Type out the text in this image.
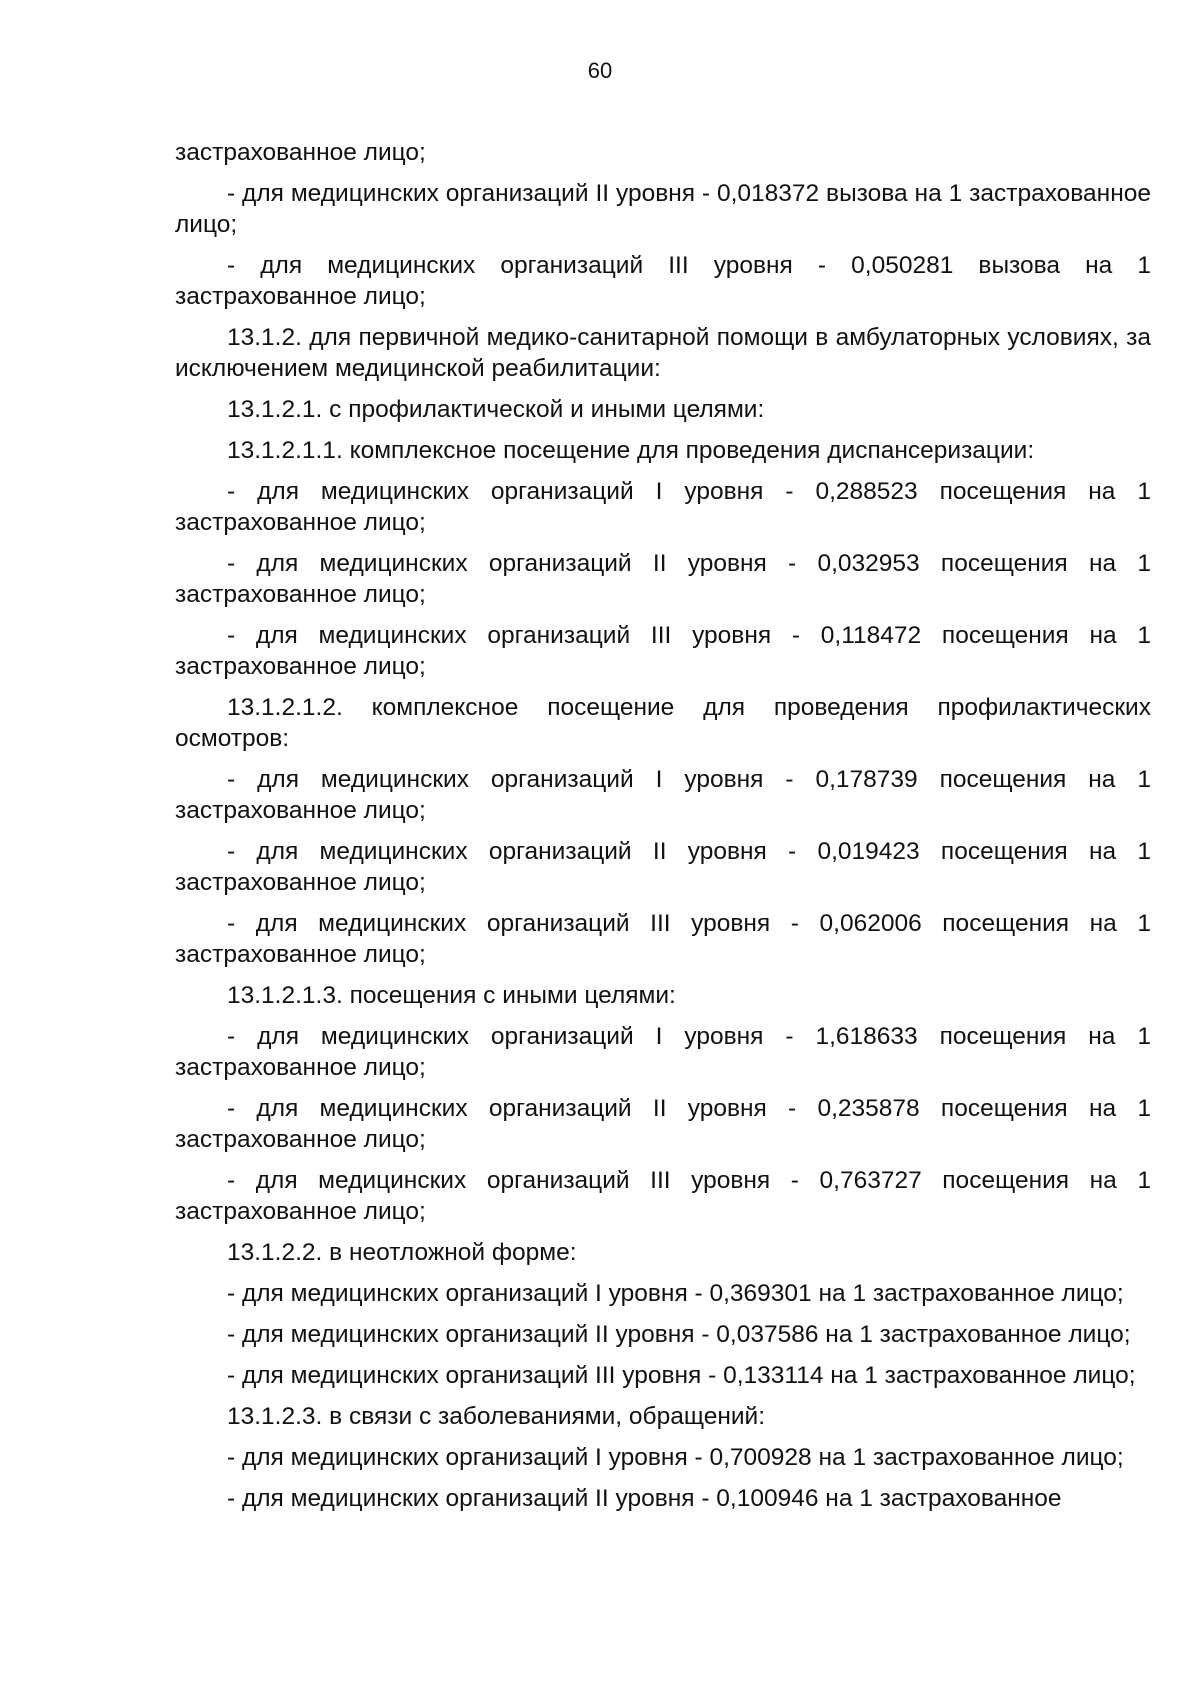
60

застрахованное лицо;

- для медицинских организаций II уровня - 0,018372 вызова на 1 застрахованное лицо;

- для медицинских организаций III уровня - 0,050281 вызова на 1 застрахованное лицо;

13.1.2. для первичной медико-санитарной помощи в амбулаторных условиях, за исключением медицинской реабилитации:

13.1.2.1. с профилактической и иными целями:

13.1.2.1.1. комплексное посещение для проведения диспансеризации:

- для медицинских организаций I уровня - 0,288523 посещения на 1 застрахованное лицо;

- для медицинских организаций II уровня - 0,032953 посещения на 1 застрахованное лицо;

- для медицинских организаций III уровня - 0,118472 посещения на 1 застрахованное лицо;

13.1.2.1.2. комплексное посещение для проведения профилактических осмотров:

- для медицинских организаций I уровня - 0,178739 посещения на 1 застрахованное лицо;

- для медицинских организаций II уровня - 0,019423 посещения на 1 застрахованное лицо;

- для медицинских организаций III уровня - 0,062006 посещения на 1 застрахованное лицо;

13.1.2.1.3. посещения с иными целями:

- для медицинских организаций I уровня - 1,618633 посещения на 1 застрахованное лицо;

- для медицинских организаций II уровня - 0,235878 посещения на 1 застрахованное лицо;

- для медицинских организаций III уровня - 0,763727 посещения на 1 застрахованное лицо;

13.1.2.2. в неотложной форме:

- для медицинских организаций I уровня - 0,369301 на 1 застрахованное лицо;

- для медицинских организаций II уровня - 0,037586 на 1 застрахованное лицо;

- для медицинских организаций III уровня - 0,133114 на 1 застрахованное лицо;

13.1.2.3. в связи с заболеваниями, обращений:

- для медицинских организаций I уровня - 0,700928 на 1 застрахованное лицо;

- для медицинских организаций II уровня - 0,100946 на 1 застрахованное
